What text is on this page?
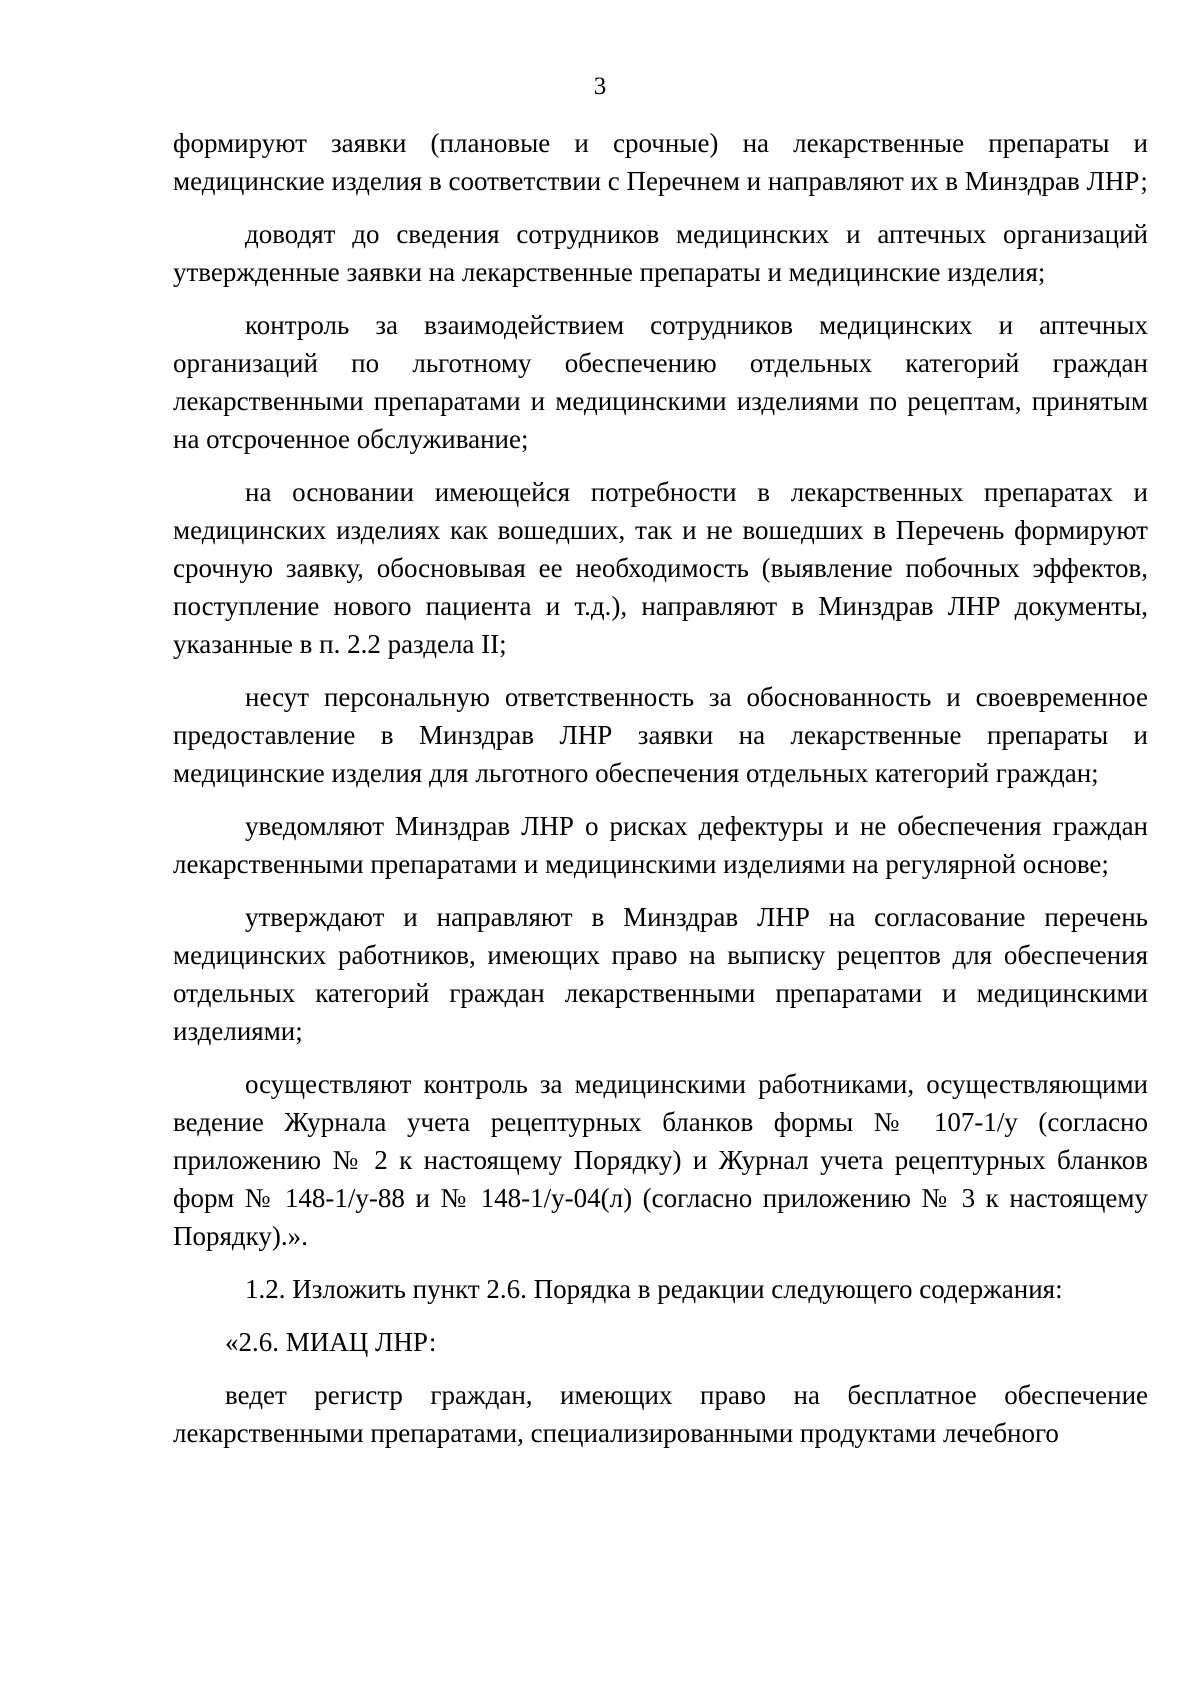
3

формируют заявки (плановые и срочные) на лекарственные препараты и медицинские изделия в соответствии с Перечнем и направляют их в Минздрав ЛНР;

доводят до сведения сотрудников медицинских и аптечных организаций утвержденные заявки на лекарственные препараты и медицинские изделия;

контроль за взаимодействием сотрудников медицинских и аптечных организаций по льготному обеспечению отдельных категорий граждан лекарственными препаратами и медицинскими изделиями по рецептам, принятым на отсроченное обслуживание;

на основании имеющейся потребности в лекарственных препаратах и медицинских изделиях как вошедших, так и не вошедших в Перечень формируют срочную заявку, обосновывая ее необходимость (выявление побочных эффектов, поступление нового пациента и т.д.), направляют в Минздрав ЛНР документы, указанные в п. 2.2 раздела II;

несут персональную ответственность за обоснованность и своевременное предоставление в Минздрав ЛНР заявки на лекарственные препараты и медицинские изделия для льготного обеспечения отдельных категорий граждан;

уведомляют Минздрав ЛНР о рисках дефектуры и не обеспечения граждан лекарственными препаратами и медицинскими изделиями на регулярной основе;

утверждают и направляют в Минздрав ЛНР на согласование перечень медицинских работников, имеющих право на выписку рецептов для обеспечения отдельных категорий граждан лекарственными препаратами и медицинскими изделиями;

осуществляют контроль за медицинскими работниками, осуществляющими ведение Журнала учета рецептурных бланков формы № 107-1/у (согласно приложению № 2 к настоящему Порядку) и Журнал учета рецептурных бланков форм № 148-1/у-88 и № 148-1/у-04(л) (согласно приложению № 3 к настоящему Порядку).».

1.2. Изложить пункт 2.6. Порядка в редакции следующего содержания:

«2.6. МИАЦ ЛНР:

ведет регистр граждан, имеющих право на бесплатное обеспечение лекарственными препаратами, специализированными продуктами лечебного
